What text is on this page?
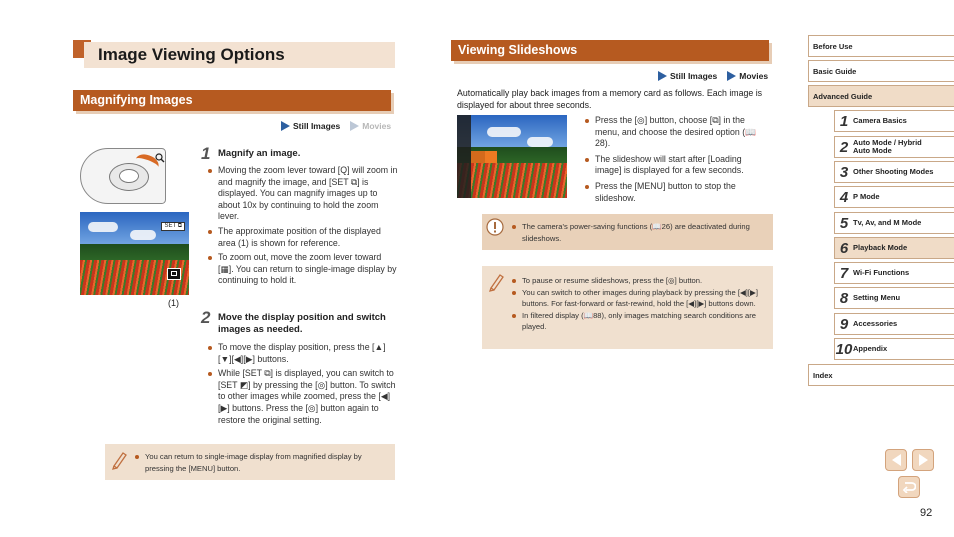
Image Viewing Options
Magnifying Images
Still Images	Movies
SET ⧉
(1)
1 Magnify an image.
Moving the zoom lever toward [Q] will zoom in and magnify the image, and [SET ⧉] is displayed. You can magnify images up to about 10x by continuing to hold the zoom lever.
The approximate position of the displayed area (1) is shown for reference.
To zoom out, move the zoom lever toward [▦]. You can return to single-image display by continuing to hold it.
2 Move the display position and switch images as needed.
To move the display position, press the [▲][▼][◀][▶] buttons.
While [SET ⧉] is displayed, you can switch to [SET ◩] by pressing the [◎] button. To switch to other images while zoomed, press the [◀][▶] buttons. Press the [◎] button again to restore the original setting.
You can return to single-image display from magnified display by pressing the [MENU] button.
Viewing Slideshows
Still Images	Movies
Automatically play back images from a memory card as follows. Each image is displayed for about three seconds.
Press the [◎] button, choose [⧉] in the menu, and choose the desired option (📖28).
The slideshow will start after [Loading image] is displayed for a few seconds.
Press the [MENU] button to stop the slideshow.
The camera's power-saving functions (📖26) are deactivated during slideshows.
To pause or resume slideshows, press the [◎] button.
You can switch to other images during playback by pressing the [◀][▶] buttons. For fast-forward or fast-rewind, hold the [◀][▶] buttons down.
In filtered display (📖88), only images matching search conditions are played.
Before Use
Basic Guide
Advanced Guide
1 Camera Basics
2 Auto Mode / Hybrid Auto Mode
3 Other Shooting Modes
4 P Mode
5 Tv, Av, and M Mode
6 Playback Mode
7 Wi-Fi Functions
8 Setting Menu
9 Accessories
10 Appendix
Index
92
